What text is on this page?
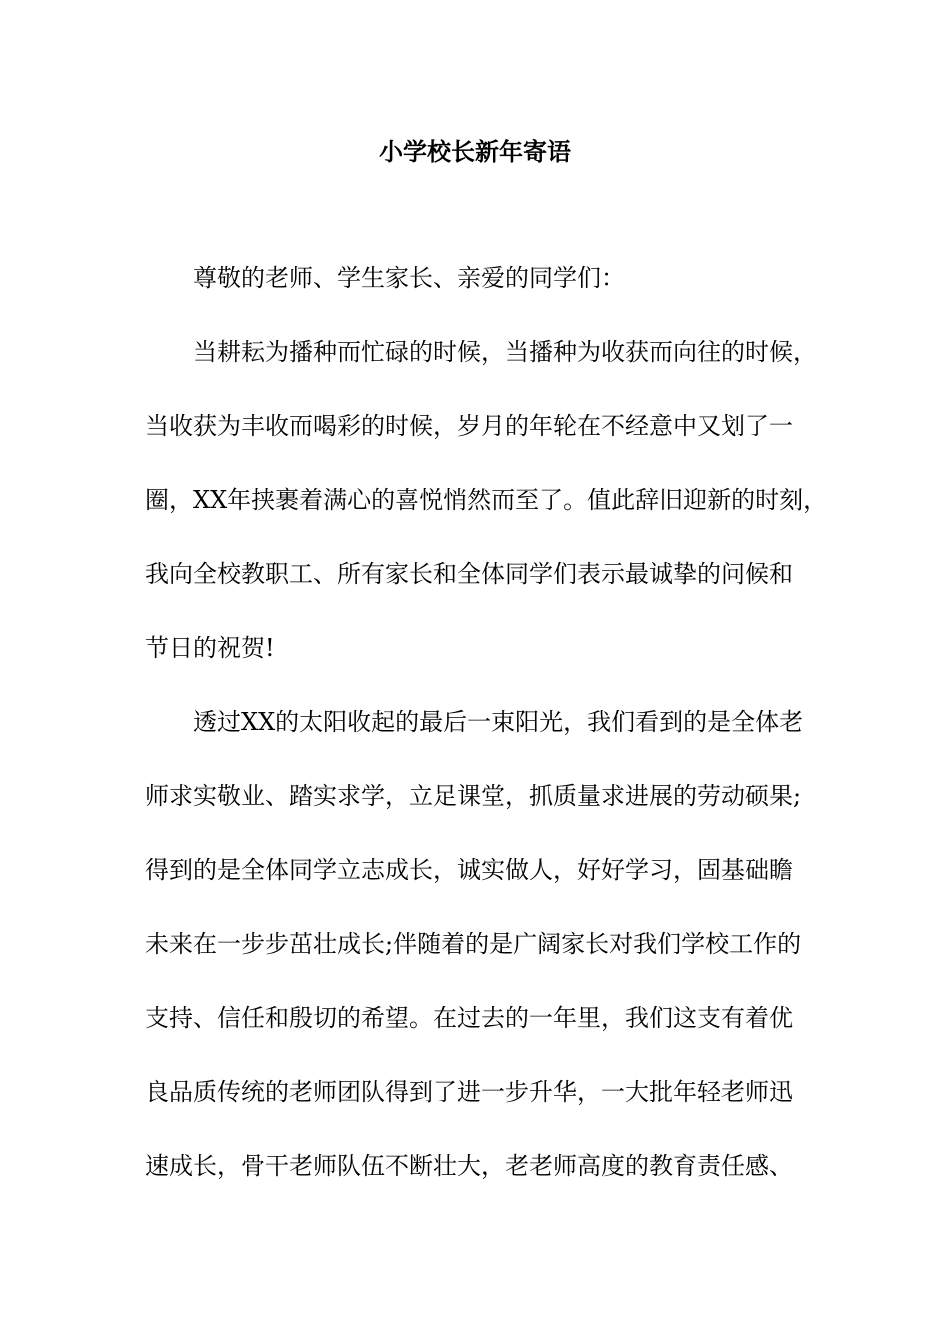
小学校长新年寄语
尊敬的老师、学生家长、亲爱的同学们：
当耕耘为播种而忙碌的时候，当播种为收获而向往的时候，
当收获为丰收而喝彩的时候，岁月的年轮在不经意中又划了一
圈，XX年挟裹着满心的喜悦悄然而至了。值此辞旧迎新的时刻，
我向全校教职工、所有家长和全体同学们表示最诚挚的问候和
节日的祝贺!
透过XX的太阳收起的最后一束阳光，我们看到的是全体老
师求实敬业、踏实求学，立足课堂，抓质量求进展的劳动硕果;
得到的是全体同学立志成长，诚实做人，好好学习，固基础瞻
未来在一步步茁壮成长;伴随着的是广阔家长对我们学校工作的
支持、信任和殷切的希望。在过去的一年里，我们这支有着优
良品质传统的老师团队得到了进一步升华，一大批年轻老师迅
速成长，骨干老师队伍不断壮大，老老师高度的教育责任感、
